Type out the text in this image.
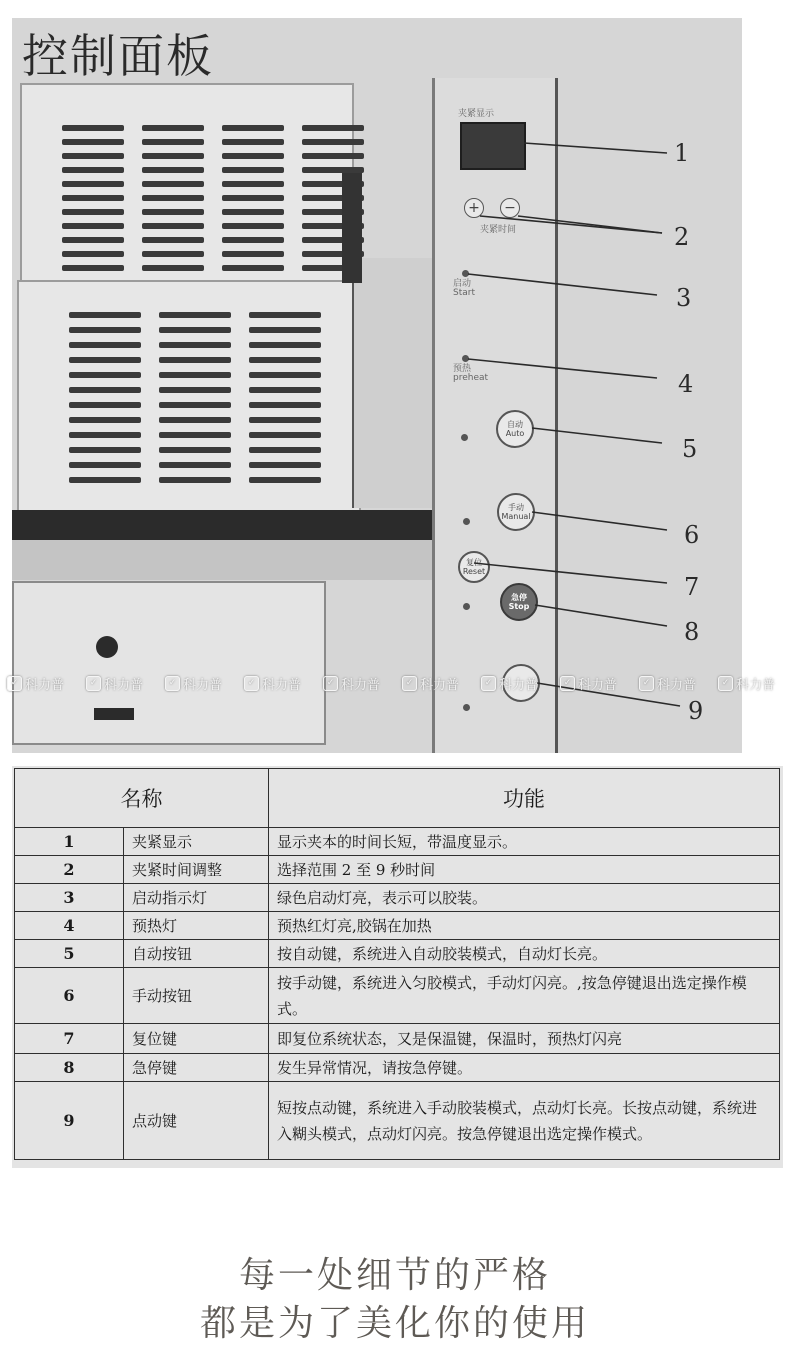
夹紧显示
+ −
夹紧时间
启动
Start
预热
preheat
自动
Auto
手动
Manual
复位
Reset
急停
Stop
1
2
3
4
5
6
7
8
9
控制面板
✓ 科力普	✓ 科力普	✓ 科力普	✓ 科力普	✓ 科力普	✓ 科力普	✓ 科力普	✓ 科力普	✓ 科力普	✓ 科力普
名称		功能
1	夹紧显示	显示夹本的时间长短，带温度显示。
2	夹紧时间调整	选择范围 2 至 9 秒时间
3	启动指示灯	绿色启动灯亮，表示可以胶装。
4	预热灯	预热红灯亮,胶锅在加热
5	自动按钮	按自动键，系统进入自动胶装模式，自动灯长亮。
6	手动按钮	按手动键，系统进入匀胶模式，手动灯闪亮。,按急停键退出选定操作模式。
7	复位键	即复位系统状态，又是保温键，保温时，预热灯闪亮
8	急停键	发生异常情况，请按急停键。
9	点动键	短按点动键，系统进入手动胶装模式，点动灯长亮。长按点动键，系统进入糊头模式，点动灯闪亮。按急停键退出选定操作模式。
每一处细节的严格
都是为了美化你的使用
